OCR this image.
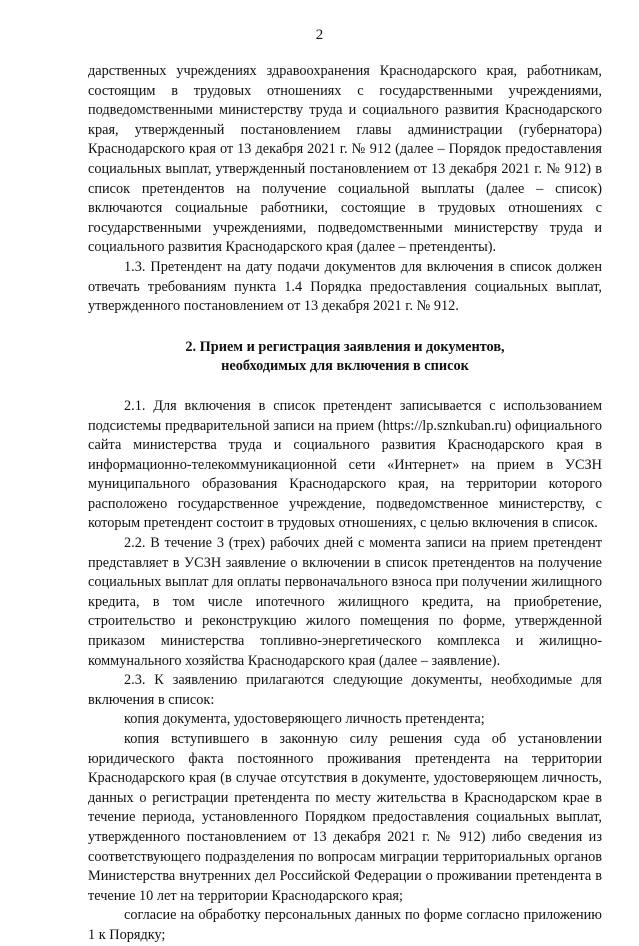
2

дарственных учреждениях здравоохранения Краснодарского края, работникам, состоящим в трудовых отношениях с государственными учреждениями, подведомственными министерству труда и социального развития Краснодарского края, утвержденный постановлением главы администрации (губернатора) Краснодарского края от 13 декабря 2021 г. № 912 (далее – Порядок предоставления социальных выплат, утвержденный постановлением от 13 декабря 2021 г. № 912) в список претендентов на получение социальной выплаты (далее – список) включаются социальные работники, состоящие в трудовых отношениях с государственными учреждениями, подведомственными министерству труда и социального развития Краснодарского края (далее – претенденты).

1.3. Претендент на дату подачи документов для включения в список должен отвечать требованиям пункта 1.4 Порядка предоставления социальных выплат, утвержденного постановлением от 13 декабря 2021 г. № 912.

2. Прием и регистрация заявления и документов,
необходимых для включения в список

2.1. Для включения в список претендент записывается с использованием подсистемы предварительной записи на прием (https://lp.sznkuban.ru) официального сайта министерства труда и социального развития Краснодарского края в информационно-телекоммуникационной сети «Интернет» на прием в УСЗН муниципального образования Краснодарского края, на территории которого расположено государственное учреждение, подведомственное министерству, с которым претендент состоит в трудовых отношениях, с целью включения в список.

2.2. В течение 3 (трех) рабочих дней с момента записи на прием претендент представляет в УСЗН заявление о включении в список претендентов на получение социальных выплат для оплаты первоначального взноса при получении жилищного кредита, в том числе ипотечного жилищного кредита, на приобретение, строительство и реконструкцию жилого помещения по форме, утвержденной приказом министерства топливно-энергетического комплекса и жилищно-коммунального хозяйства Краснодарского края (далее – заявление).

2.3. К заявлению прилагаются следующие документы, необходимые для включения в список:

копия документа, удостоверяющего личность претендента;

копия вступившего в законную силу решения суда об установлении юридического факта постоянного проживания претендента на территории Краснодарского края (в случае отсутствия в документе, удостоверяющем личность, данных о регистрации претендента по месту жительства в Краснодарском крае в течение периода, установленного Порядком предоставления социальных выплат, утвержденного постановлением от 13 декабря 2021 г. № 912) либо сведения из соответствующего подразделения по вопросам миграции территориальных органов Министерства внутренних дел Российской Федерации о проживании претендента в течение 10 лет на территории Краснодарского края;

согласие на обработку персональных данных по форме согласно приложению 1 к Порядку;
